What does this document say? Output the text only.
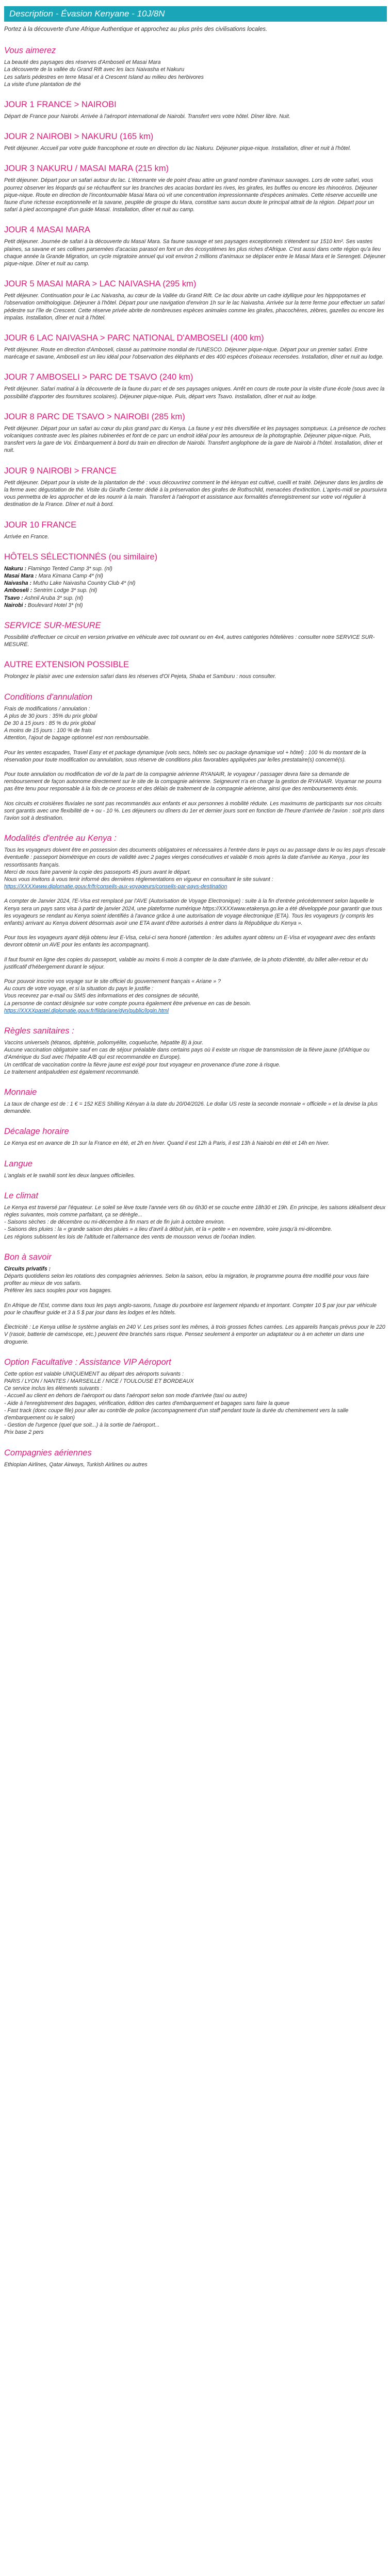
Description - Évasion Kenyane - 10J/8N

Portez à la découverte d'une Afrique Authentique et approchez au plus près des civilisations locales.

Vous aimerez

La beauté des paysages des réserves d'Amboseli et Masai Mara

La découverte de la vallée du Grand Rift avec les lacs Naivasha et Nakuru

Les safaris pédestres en terre Masaï et à Crescent Island au milieu des herbivores

La visite d'une plantation de thé

JOUR 1 FRANCE > NAIROBI

Départ de France pour Nairobi. Arrivée à l'aéroport international de Nairobi. Transfert vers votre hôtel. Dîner libre. Nuit.

JOUR 2 NAIROBI > NAKURU (165 km)

Petit déjeuner. Accueil par votre guide francophone et route en direction du lac Nakuru. Déjeuner pique-nique. Installation, dîner et nuit à l'hôtel.

JOUR 3 NAKURU / MASAI MARA (215 km)

Petit déjeuner. Départ pour un safari autour du lac. L'étonnante vie de point d'eau attire un grand nombre d'animaux sauvages. Lors de votre safari, vous pourrez observer les léopards qui se réchauffent sur les branches des acacias bordant les rives, les girafes, les buffles ou encore les rhinocéros. Déjeuner pique-nique. Route en direction de l'incontournable Masai Mara où vit une concentration impressionnante d'espèces animales. Cette réserve accueille une faune d'une richesse exceptionnelle et la savane, peuplée de groupe du Mara, constitue sans aucun doute le principal attrait de la région. Départ pour un safari à pied accompagné d'un guide Masaï. Installation, dîner et nuit au camp.

JOUR 4 MASAI MARA

Petit déjeuner. Journée de safari à la découverte du Masaï Mara. Sa faune sauvage et ses paysages exceptionnels s'étendent sur 1510 km². Ses vastes plaines, sa savane et ses collines parsemées d'acacias parasol en font un des écosystèmes les plus riches d'Afrique. C'est aussi dans cette région qu'a lieu chaque année la Grande Migration, un cycle migratoire annuel qui voit environ 2 millions d'animaux se déplacer entre le Masai Mara et le Serengeti. Déjeuner pique-nique. Dîner et nuit au camp.

JOUR 5 MASAI MARA > LAC NAIVASHA (295 km)

Petit déjeuner. Continuation pour le Lac Naivasha, au cœur de la Vallée du Grand Rift. Ce lac doux abrite un cadre idyllique pour les hippopotames et l'observation ornithologique. Déjeuner à l'hôtel. Départ pour une navigation d'environ 1h sur le lac Naivasha. Arrivée sur la terre ferme pour effectuer un safari pédestre sur l'île de Crescent. Cette réserve privée abrite de nombreuses espèces animales comme les girafes, phacochères, zèbres, gazelles ou encore les impalas. Installation, dîner et nuit à l'hôtel.

JOUR 6 LAC NAIVASHA > PARC NATIONAL D'AMBOSELI (400 km)

Petit déjeuner. Route en direction d'Amboseli, classé au patrimoine mondial de l'UNESCO. Déjeuner pique-nique. Départ pour un premier safari. Entre marécage et savane, Amboseli est un lieu idéal pour l'observation des éléphants et des 400 espèces d'oiseaux recensées. Installation, dîner et nuit au lodge.

JOUR 7 AMBOSELI > PARC DE TSAVO (240 km)

Petit déjeuner. Safari matinal à la découverte de la faune du parc et de ses paysages uniques. Arrêt en cours de route pour la visite d'une école (sous avec la possibilité d'apporter des fournitures scolaires). Déjeuner pique-nique. Puis, départ vers Tsavo. Installation, dîner et nuit au lodge.

JOUR 8 PARC DE TSAVO > NAIROBI (285 km)

Petit déjeuner. Départ pour un safari au cœur du plus grand parc du Kenya. La faune y est très diversifiée et les paysages somptueux. La présence de roches volcaniques contraste avec les plaines rubinerées et font de ce parc un endroit idéal pour les amoureux de la photographie. Déjeuner pique-nique. Puis, transfert vers la gare de Voi. Embarquement à bord du train en direction de Nairobi. Transfert anglophone de la gare de Nairobi à l'hôtel. Installation, dîner et nuit.

JOUR 9 NAIROBI > FRANCE

Petit déjeuner. Départ pour la visite de la plantation de thé : vous découvrirez comment le thé kényan est cultivé, cueilli et traité. Déjeuner dans les jardins de la ferme avec dégustation de thé. Visite du Giraffe Center dédié à la préservation des girafes de Rothschild, menacées d'extinction. L'après-midi se poursuivra vous permettra de les approcher et de les nourrir à la main. Transfert à l'aéroport et assistance aux formalités d'enregistrement sur votre vol régulier à destination de la France. Dîner et nuit à bord.

JOUR 10 FRANCE

Arrivée en France.

HÔTELS SÉLECTIONNÉS (ou similaire)

Nakuru : Flamingo Tented Camp 3* sup. (nl)

Masai Mara : Mara Kimana Camp 4* (nl)

Naivasha : Muthu Lake Naivasha Country Club 4* (nl)

Amboseli : Sentrim Lodge 3* sup. (nl)

Tsavo : Ashnil Aruba 3* sup. (nl)

Nairobi : Boulevard Hotel 3* (nl)

SERVICE SUR-MESURE

Possibilité d'effectuer ce circuit en version privative en véhicule avec toit ouvrant ou en 4x4, autres catégories hôtelières : consulter notre SERVICE SUR-MESURE.

AUTRE EXTENSION POSSIBLE

Prolongez le plaisir avec une extension safari dans les réserves d'Ol Pejeta, Shaba et Samburu : nous consulter.

Conditions d'annulation

Frais de modifications / annulation :

A plus de 30 jours : 35% du prix global

De 30 à 15 jours : 85 % du prix global

A moins de 15 jours : 100 % de frais

Attention, l'ajout de bagage optionnel est non remboursable.

Pour les ventes escapades, Travel Easy et et package dynamique (vols secs, hôtels sec ou package dynamique vol + hôtel) : 100 % du montant de la réservation pour toute modification ou annulation, sous réserve de conditions plus favorables appliquées par le/les prestataire(s) concerné(s).

Pour toute annulation ou modification de vol de la part de la compagnie aérienne RYANAIR, le voyageur / passager devra faire sa demande de remboursement de façon autonome directement sur le site de la compagnie aérienne. Seigneuret n'a en charge la gestion de RYANAIR. Voyamar ne pourra pas être tenu pour responsable à la fois de ce process et des délais de traitement de la compagnie aérienne, ainsi que des remboursements émis.

Nos circuits et croisières fluviales ne sont pas recommandés aux enfants et aux personnes à mobilité réduite. Les maximums de participants sur nos circuits sont garantis avec une flexibilité de + ou - 10 %. Les déjeuners ou dîners du 1er et dernier jours sont en fonction de l'heure d'arrivée de l'avion : soit pris dans l'avion soit à destination.

Modalités d'entrée au Kenya :

Tous les voyageurs doivent être en possession des documents obligatoires et nécessaires à l'entrée dans le pays ou au passage dans le ou les pays d'escale éventuelle : passeport biométrique en cours de validité avec 2 pages vierges consécutives et valable 6 mois après la date d'arrivée au Kenya , pour les ressortissants français.

Merci de nous faire parvenir la copie des passeports 45 jours avant le départ.

Nous vous invitons à vous tenir informé des dernières réglementations en vigueur en consultant le site suivant :

https://XXXXwww.diplomatie.gouv.fr/fr/conseils-aux-voyageurs/conseils-par-pays-destination

A compter de Janvier 2024, l'E-Visa est remplacé par l'AVE (Autorisation de Voyage Electronique) : suite à la fin d'entrée précédemment selon laquelle le Kenya sera un pays sans visa à partir de janvier 2024, une plateforme numérique https://XXXXwww.etakenya.go.ke a été développée pour garantir que tous les voyageurs se rendant au Kenya soient identifiés à l'avance grâce à une autorisation de voyage électronique (ETA). Tous les voyageurs (y compris les enfants) arrivant au Kenya doivent désormais avoir une ETA avant d'être autorisés à entrer dans la République du Kenya ».

Pour tous les voyageurs ayant déjà obtenu leur E-Visa, celui-ci sera honoré (attention : les adultes ayant obtenu un E-Visa et voyageant avec des enfants devront obtenir un AVE pour les enfants les accompagnant).

Il faut fournir en ligne des copies du passeport, valable au moins 6 mois à compter de la date d'arrivée, de la photo d'identité, du billet aller-retour et du justificatif d'hébergement durant le séjour.

Pour pouvoir inscrire vos voyage sur le site officiel du gouvernement français « Ariane » ?

Au cours de votre voyage, et si la situation du pays le justifie :

Vous recevrez par e-mail ou SMS des informations et des consignes de sécurité,

La personne de contact désignée sur votre compte pourra également être prévenue en cas de besoin.

https://XXXXpastel.diplomatie.gouv.fr/fildariane/dyn/public/login.html

Règles sanitaires :

Vaccins universels (tétanos, diphtérie, poliomyélite, coqueluche, hépatite B) à jour.

Aucune vaccination obligatoire sauf en cas de séjour préalable dans certains pays où il existe un risque de transmission de la fièvre jaune (d'Afrique ou d'Amérique du Sud avec l'hépatite A/B qui est recommandée en Europe).

Un certificat de vaccination contre la fièvre jaune est exigé pour tout voyageur en provenance d'une zone à risque.

Le traitement antipaludéen est également recommandé.

Monnaie

La taux de change est de : 1 € = 152 KES Shilling Kényan à la date du 20/04/2026. Le dollar US reste la seconde monnaie « officielle » et la devise la plus demandée.

Décalage horaire

Le Kenya est en avance de 1h sur la France en été, et 2h en hiver. Quand il est 12h à Paris, il est 13h à Nairobi en été et 14h en hiver.

Langue

L'anglais et le swahili sont les deux langues officielles.

Le climat

Le Kenya est traversé par l'équateur. Le soleil se lève toute l'année vers 6h ou 6h30 et se couche entre 18h30 et 19h. En principe, les saisons idéalisent deux règles suivantes, mois comme parfaitant, ça se dérègle...

- Saisons sèches : de décembre ou mi-décembre à fin mars et de fin juin à octobre environ.

- Saisons des pluies : la « grande saison des pluies » a lieu d'avril à début juin, et la « petite » en novembre, voire jusqu'à mi-décembre.

Les régions subissent les lois de l'altitude et l'alternance des vents de mousson venus de l'océan Indien.

Bon à savoir

Circuits privatifs :

Départs quotidiens selon les rotations des compagnies aériennes. Selon la saison, et/ou la migration, le programme pourra être modifié pour vous faire profiter au mieux de vos safaris.

Préférer les sacs souples pour vos bagages.

En Afrique de l'Est, comme dans tous les pays anglo-saxons, l'usage du pourboire est largement répandu et important. Compter 10 $ par jour par véhicule pour le chauffeur guide et 3 à 5 $ par jour dans les lodges et les hôtels.

Électricité : Le Kenya utilise le système anglais en 240 V. Les prises sont les mêmes, à trois grosses fiches carrées. Les appareils français prévus pour le 220 V (rasoir, batterie de caméscope, etc.) peuvent être branchés sans risque. Pensez seulement à emporter un adaptateur ou à en acheter un dans une droguerie.

Option Facultative : Assistance VIP Aéroport

Cette option est valable UNIQUEMENT au départ des aéroports suivants :

PARIS / LYON / NANTES / MARSEILLE / NICE / TOULOUSE ET BORDEAUX

Ce service inclus les éléments suivants :

- Accueil au client en dehors de l'aéroport ou dans l'aéroport selon son mode d'arrivée (taxi ou autre)

- Aide à l'enregistrement des bagages, vérification, édition des cartes d'embarquement et bagages sans faire la queue

- Fast track (donc coupe file) pour aller au contrôle de police (accompagnement d'un staff pendant toute la durée du cheminement vers la salle d'embarquement ou le salon)

- Gestion de l'urgence (quel que soit...) à la sortie de l'aéroport...

Prix base 2 pers

Compagnies aériennes

Ethiopian Airlines, Qatar Airways, Turkish Airlines ou autres
